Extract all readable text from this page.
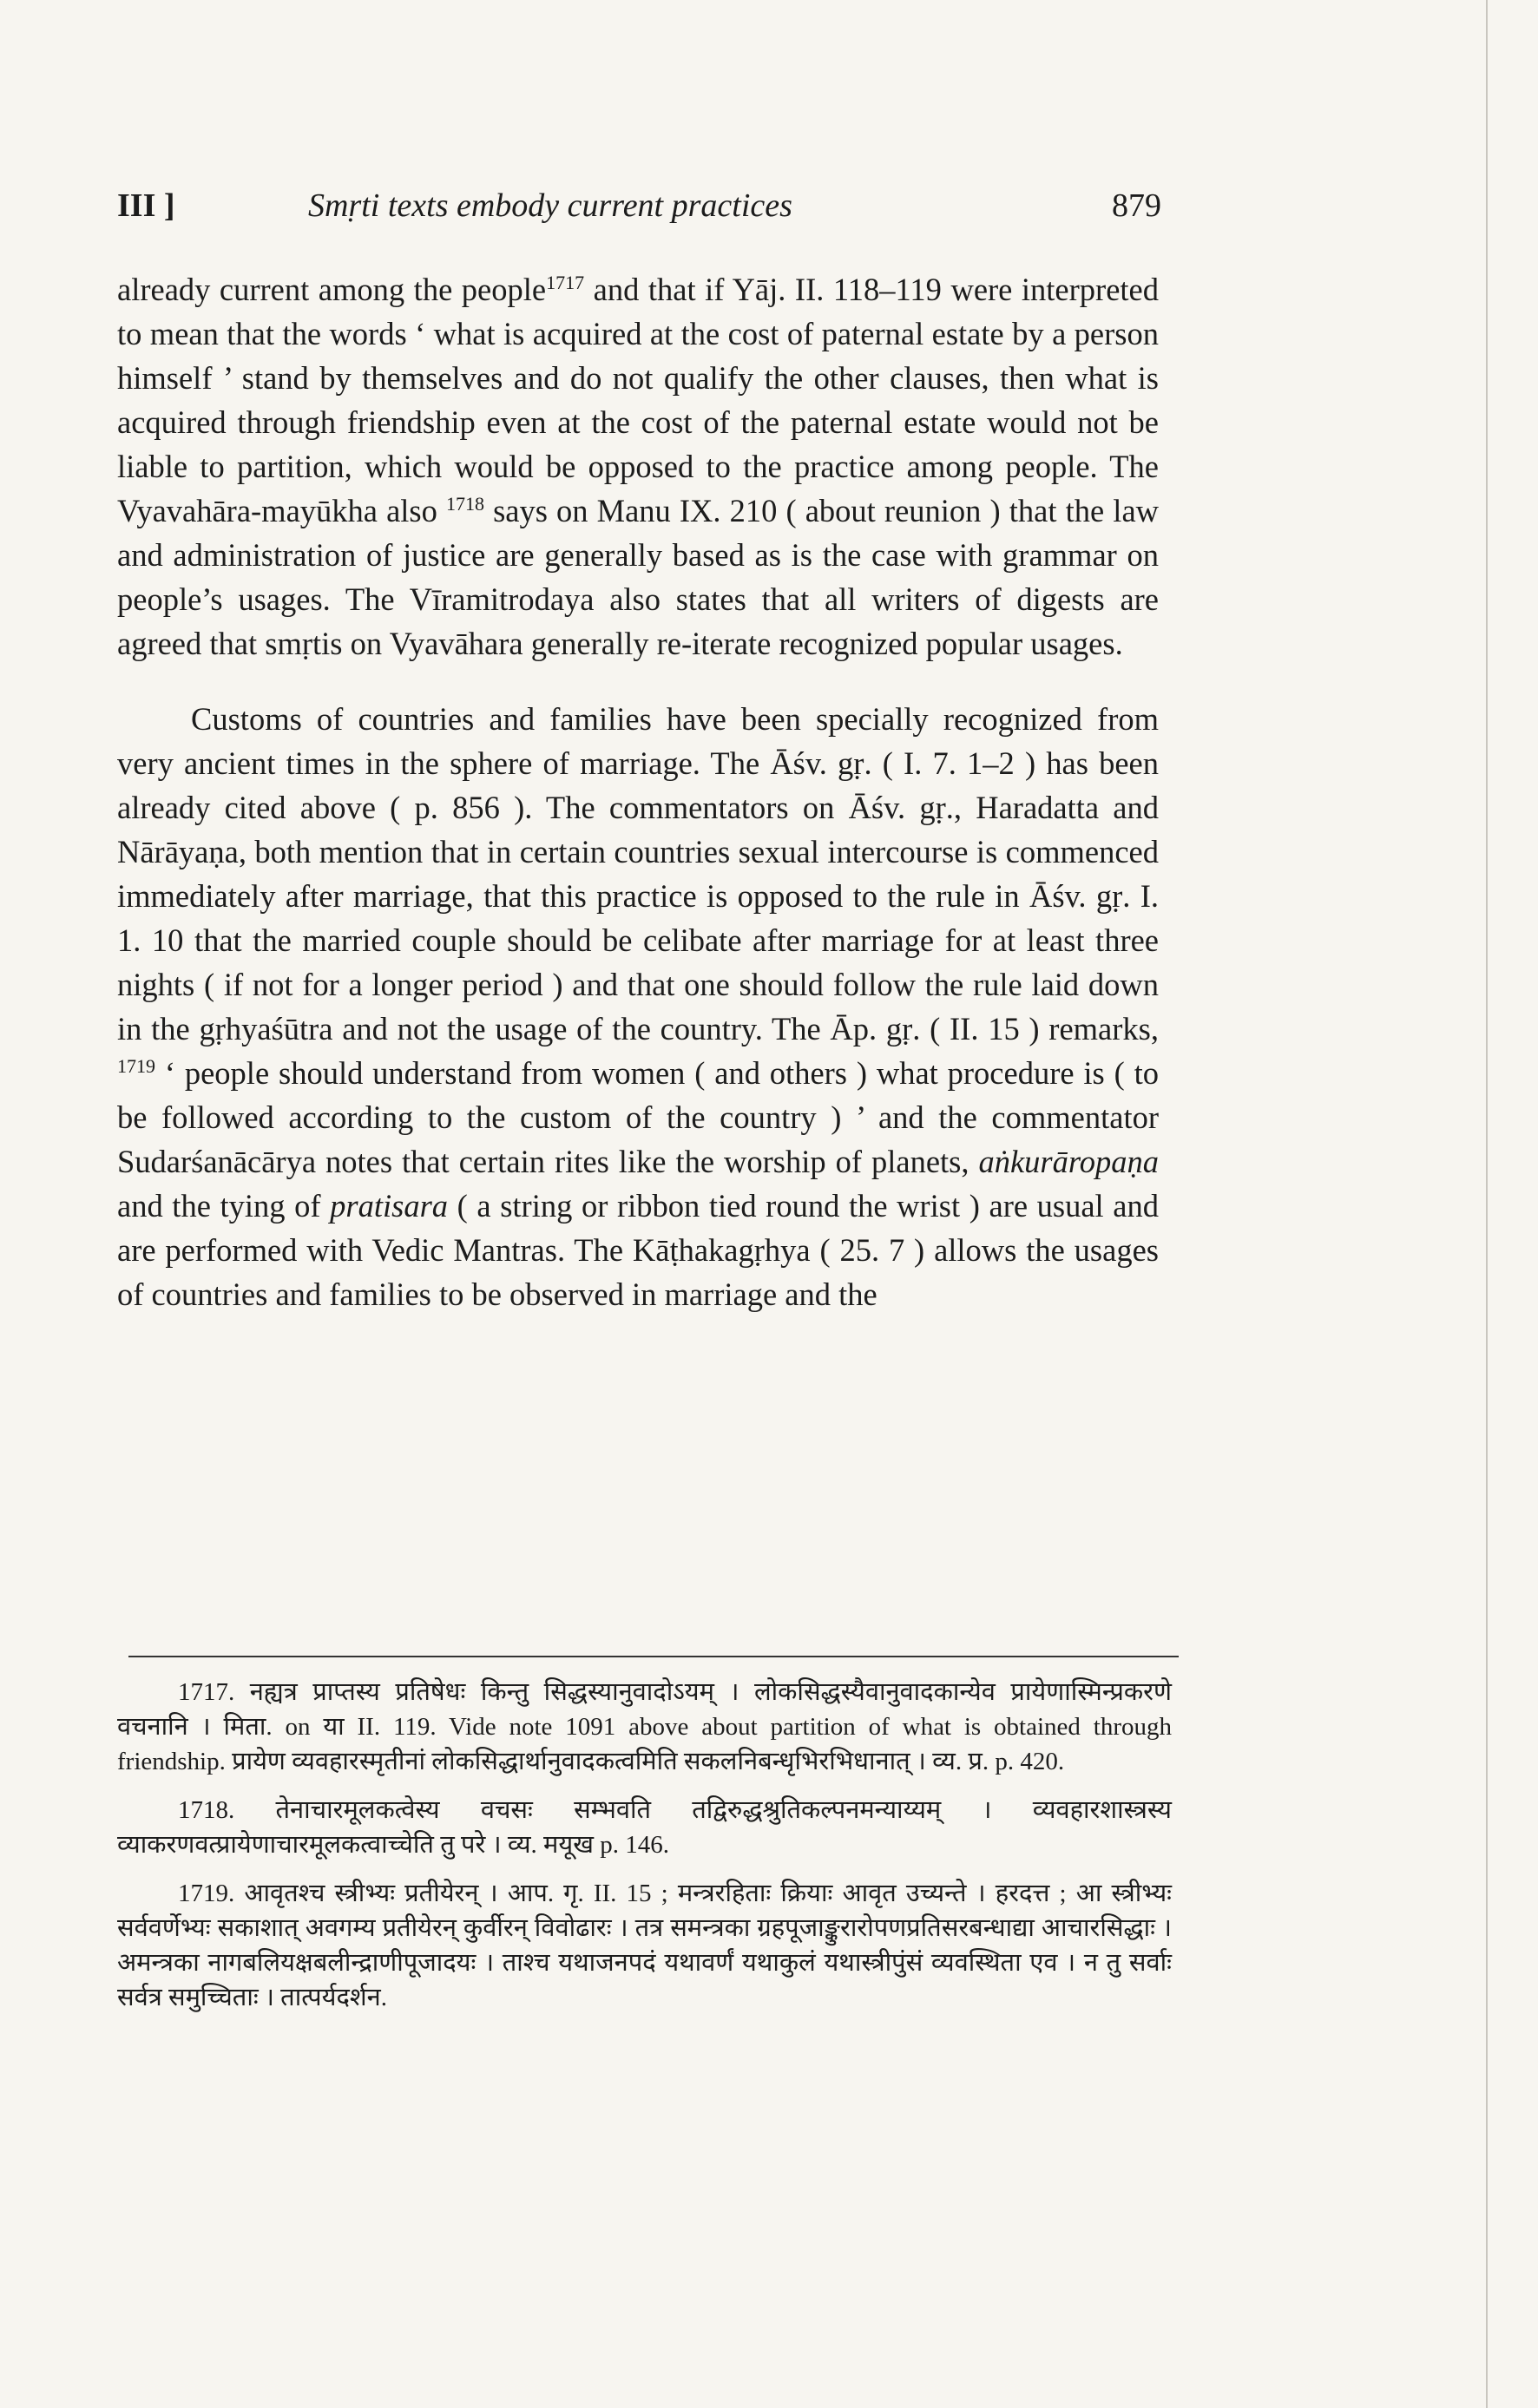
III ]	Smṛti texts embody current practices	879

already current among the people$^{1717}$ and that if Yāj. II. 118–119 were interpreted to mean that the words ‘ what is acquired at the cost of paternal estate by a person himself ’ stand by themselves and do not qualify the other clauses, then what is acquired through friendship even at the cost of the paternal estate would not be liable to partition, which would be opposed to the practice among people. The Vyavahāra-mayūkha also $^{1718}$ says on Manu IX. 210 ( about reunion ) that the law and administration of justice are generally based as is the case with grammar on people’s usages. The Vīramitrodaya also states that all writers of digests are agreed that smṛtis on Vyavāhara generally re-iterate recognized popular usages.

Customs of countries and families have been specially recognized from very ancient times in the sphere of marriage. The Āśv. gṛ. ( I. 7. 1–2 ) has been already cited above ( p. 856 ). The commentators on Āśv. gṛ., Haradatta and Nārāyaṇa, both mention that in certain countries sexual intercourse is commenced immediately after marriage, that this practice is opposed to the rule in Āśv. gṛ. I. 1. 10 that the married couple should be celibate after marriage for at least three nights ( if not for a longer period ) and that one should follow the rule laid down in the gṛhyaśūtra and not the usage of the country. The Āp. gṛ. ( II. 15 ) remarks, $^{1719}$ ‘ people should understand from women ( and others ) what procedure is ( to be followed according to the custom of the country ) ’ and the commentator Sudarśanācārya notes that certain rites like the worship of planets, aṅkurāropaṇa and the tying of pratisara ( a string or ribbon tied round the wrist ) are usual and are performed with Vedic Mantras. The Kāṭhakagṛhya ( 25. 7 ) allows the usages of countries and families to be observed in marriage and the

1717. नह्यत्र प्राप्तस्य प्रतिषेधः किन्तु सिद्धस्यानुवादोऽयम् । लोकसिद्धस्यैवानुवादकान्येव प्रायेणास्मिन्प्रकरणे वचनानि । मिता. on या II. 119. Vide note 1091 above about partition of what is obtained through friendship. प्रायेण व्यवहारस्मृतीनां लोकसिद्धार्थानुवादकत्वमिति सकलनिबन्धृभिरभिधानात् । व्य. प्र. p. 420.
1718. तेनाचारमूलकत्वेस्य वचसः सम्भवति तद्विरुद्धश्रुतिकल्पनमन्याय्यम् । व्यवहारशास्त्रस्य व्याकरणवत्प्रायेणाचारमूलकत्वाच्चेति तु परे । व्य. मयूख p. 146.
1719. आवृतश्च स्त्रीभ्यः प्रतीयेरन् । आप. गृ. II. 15 ; मन्त्ररहिताः क्रियाः आवृत उच्यन्ते । हरदत्त ; आ स्त्रीभ्यः सर्ववर्णेभ्यः सकाशात् अवगम्य प्रतीयेरन् कुर्वीरन् विवोढारः । तत्र समन्त्रका ग्रहपूजाङ्कुरारोपणप्रतिसरबन्धाद्या आचारसिद्धाः । अमन्त्रका नागबलियक्षबलीन्द्राणीपूजादयः । ताश्च यथाजनपदं यथावर्णं यथाकुलं यथास्त्रीपुंसं व्यवस्थिता एव । न तु सर्वाः सर्वत्र समुच्चिताः । तात्पर्यदर्शन.
